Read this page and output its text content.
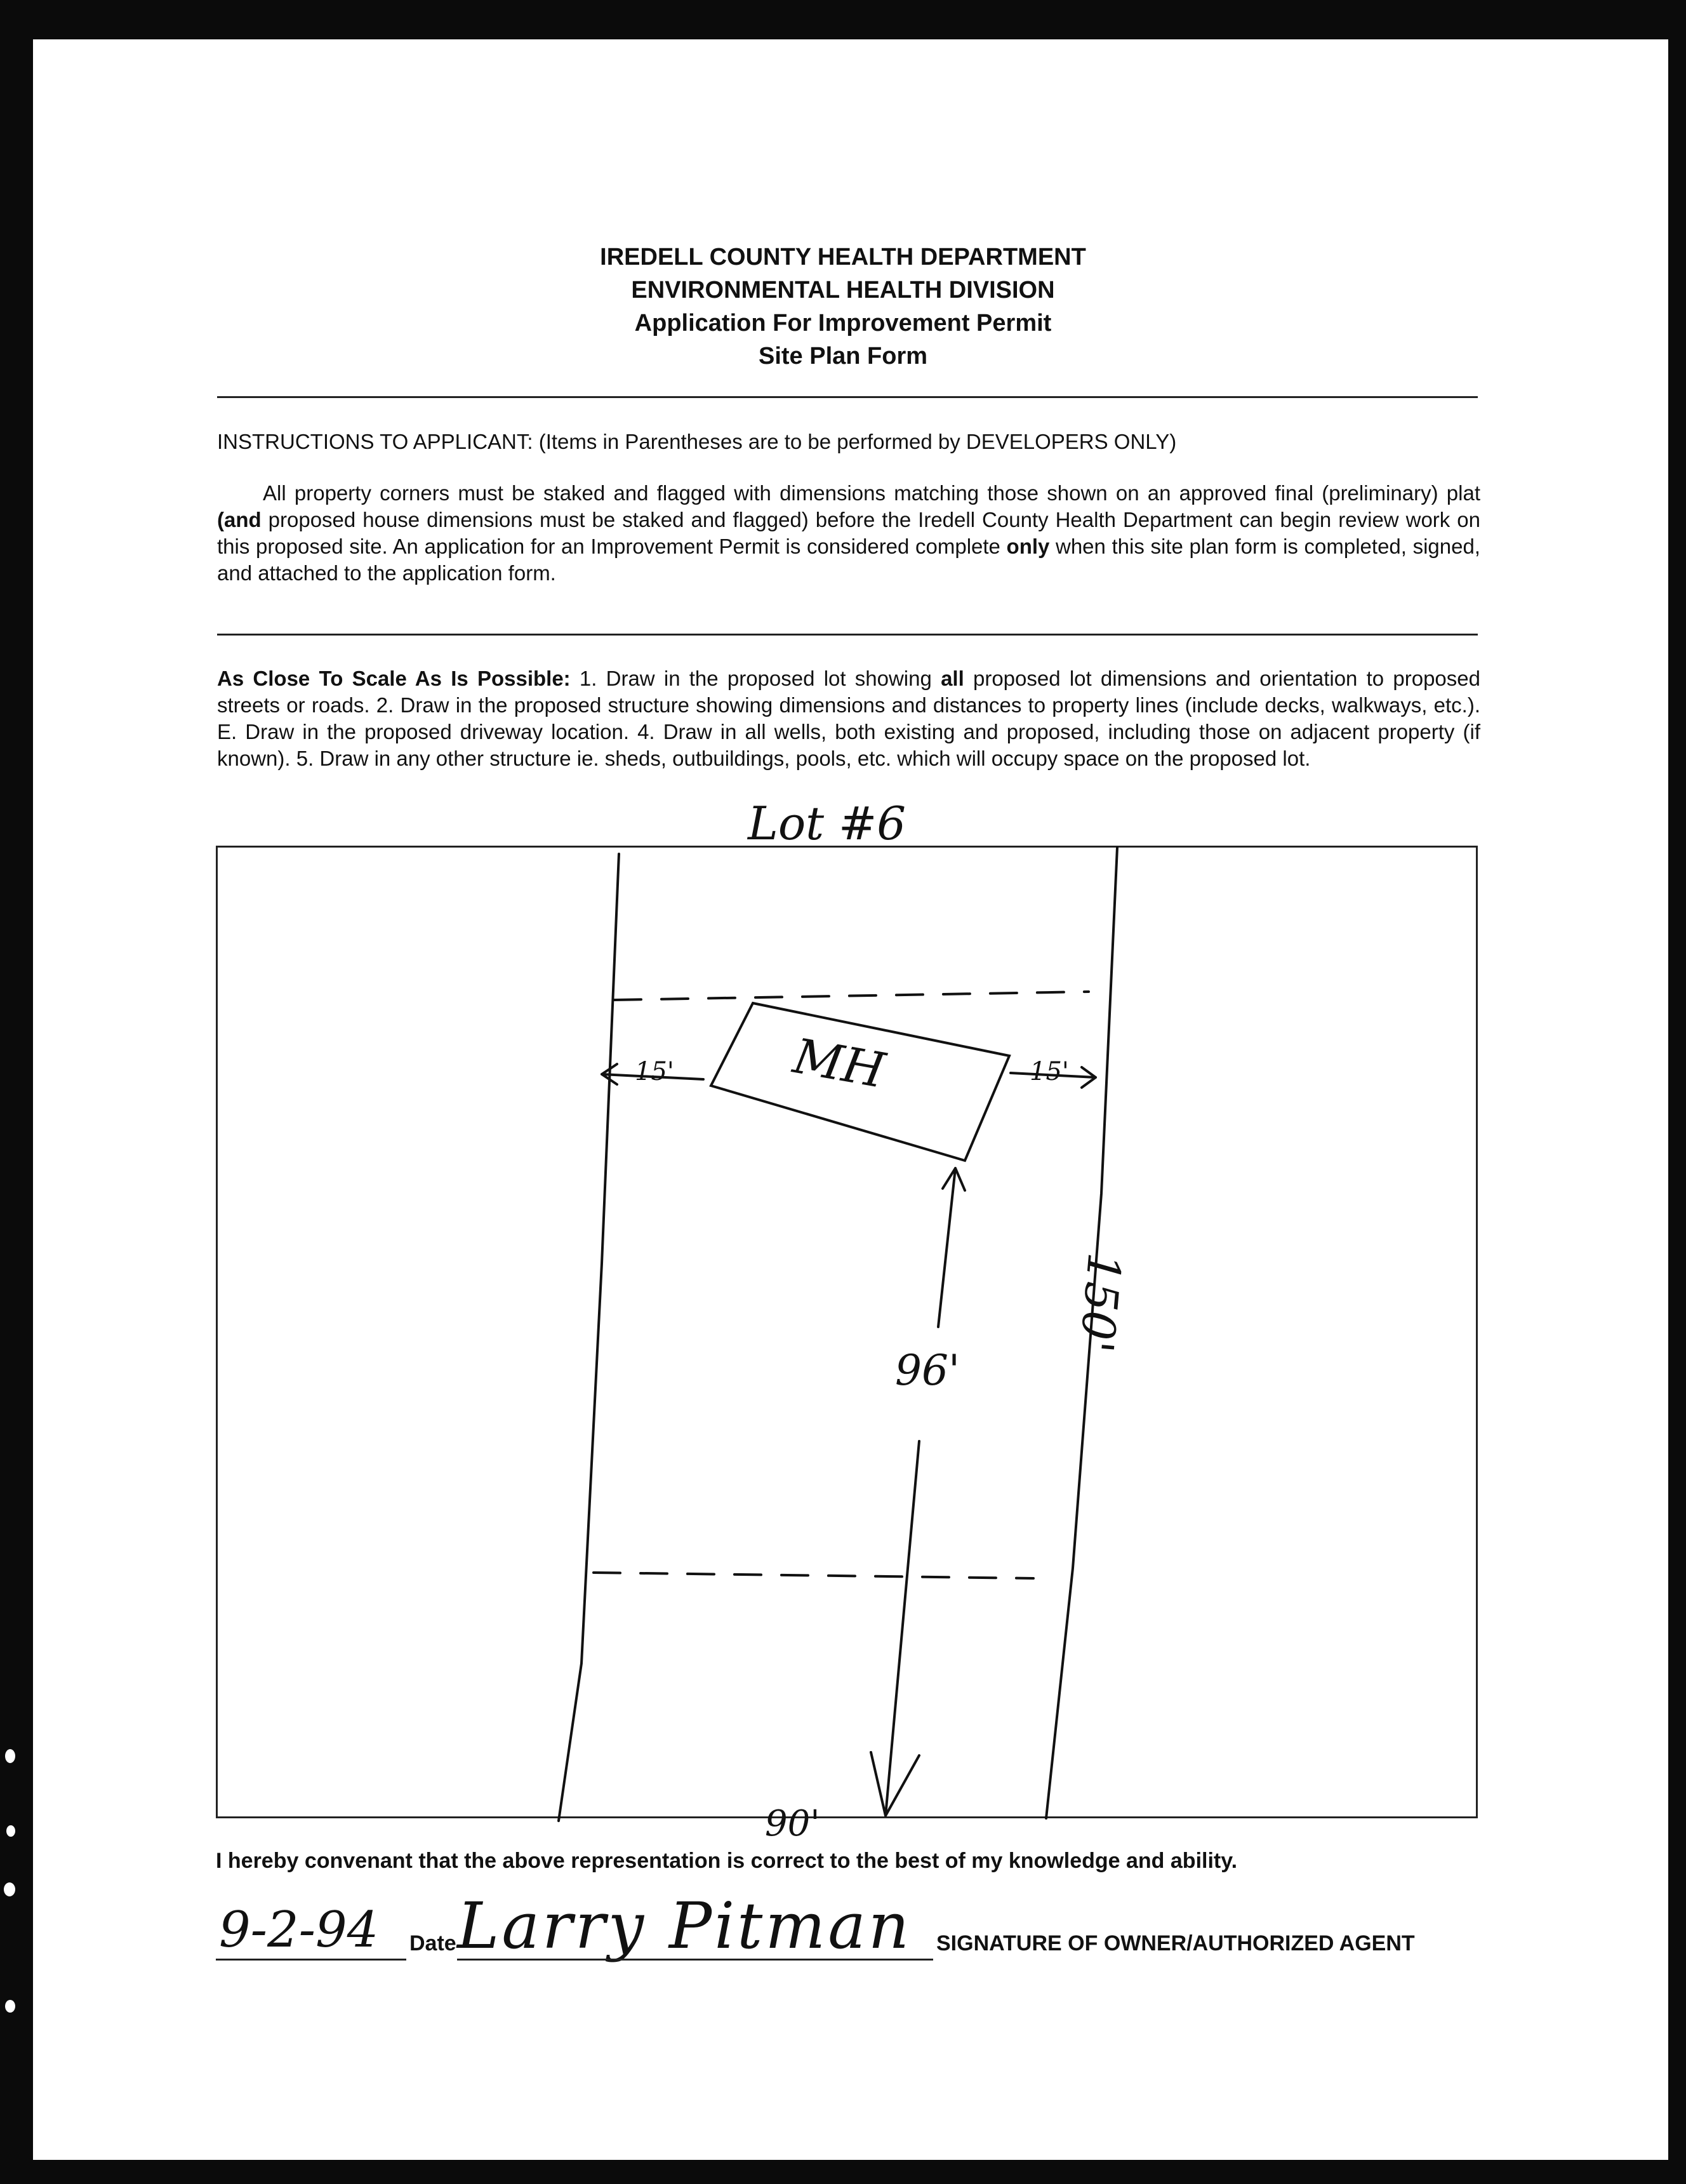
IREDELL COUNTY HEALTH DEPARTMENT
ENVIRONMENTAL HEALTH DIVISION
Application For Improvement Permit
Site Plan Form
INSTRUCTIONS TO APPLICANT: (Items in Parentheses are to be performed by DEVELOPERS ONLY)
All property corners must be staked and flagged with dimensions matching those shown on an approved final (preliminary) plat (and proposed house dimensions must be staked and flagged) before the Iredell County Health Department can begin review work on this proposed site. An application for an Improvement Permit is considered complete only when this site plan form is completed, signed, and attached to the application form.
As Close To Scale As Is Possible: 1. Draw in the proposed lot showing all proposed lot dimensions and orientation to proposed streets or roads. 2. Draw in the proposed structure showing dimensions and distances to property lines (include decks, walkways, etc.). E. Draw in the proposed driveway location. 4. Draw in all wells, both existing and proposed, including those on adjacent property (if known). 5. Draw in any other structure ie. sheds, outbuildings, pools, etc. which will occupy space on the proposed lot.
Lot #6
MH
15'	15'
96'
150'
90'
I hereby convenant that the above representation is correct to the best of my knowledge and ability.
9-2-94 Date Larry Pitman SIGNATURE OF OWNER/AUTHORIZED AGENT
